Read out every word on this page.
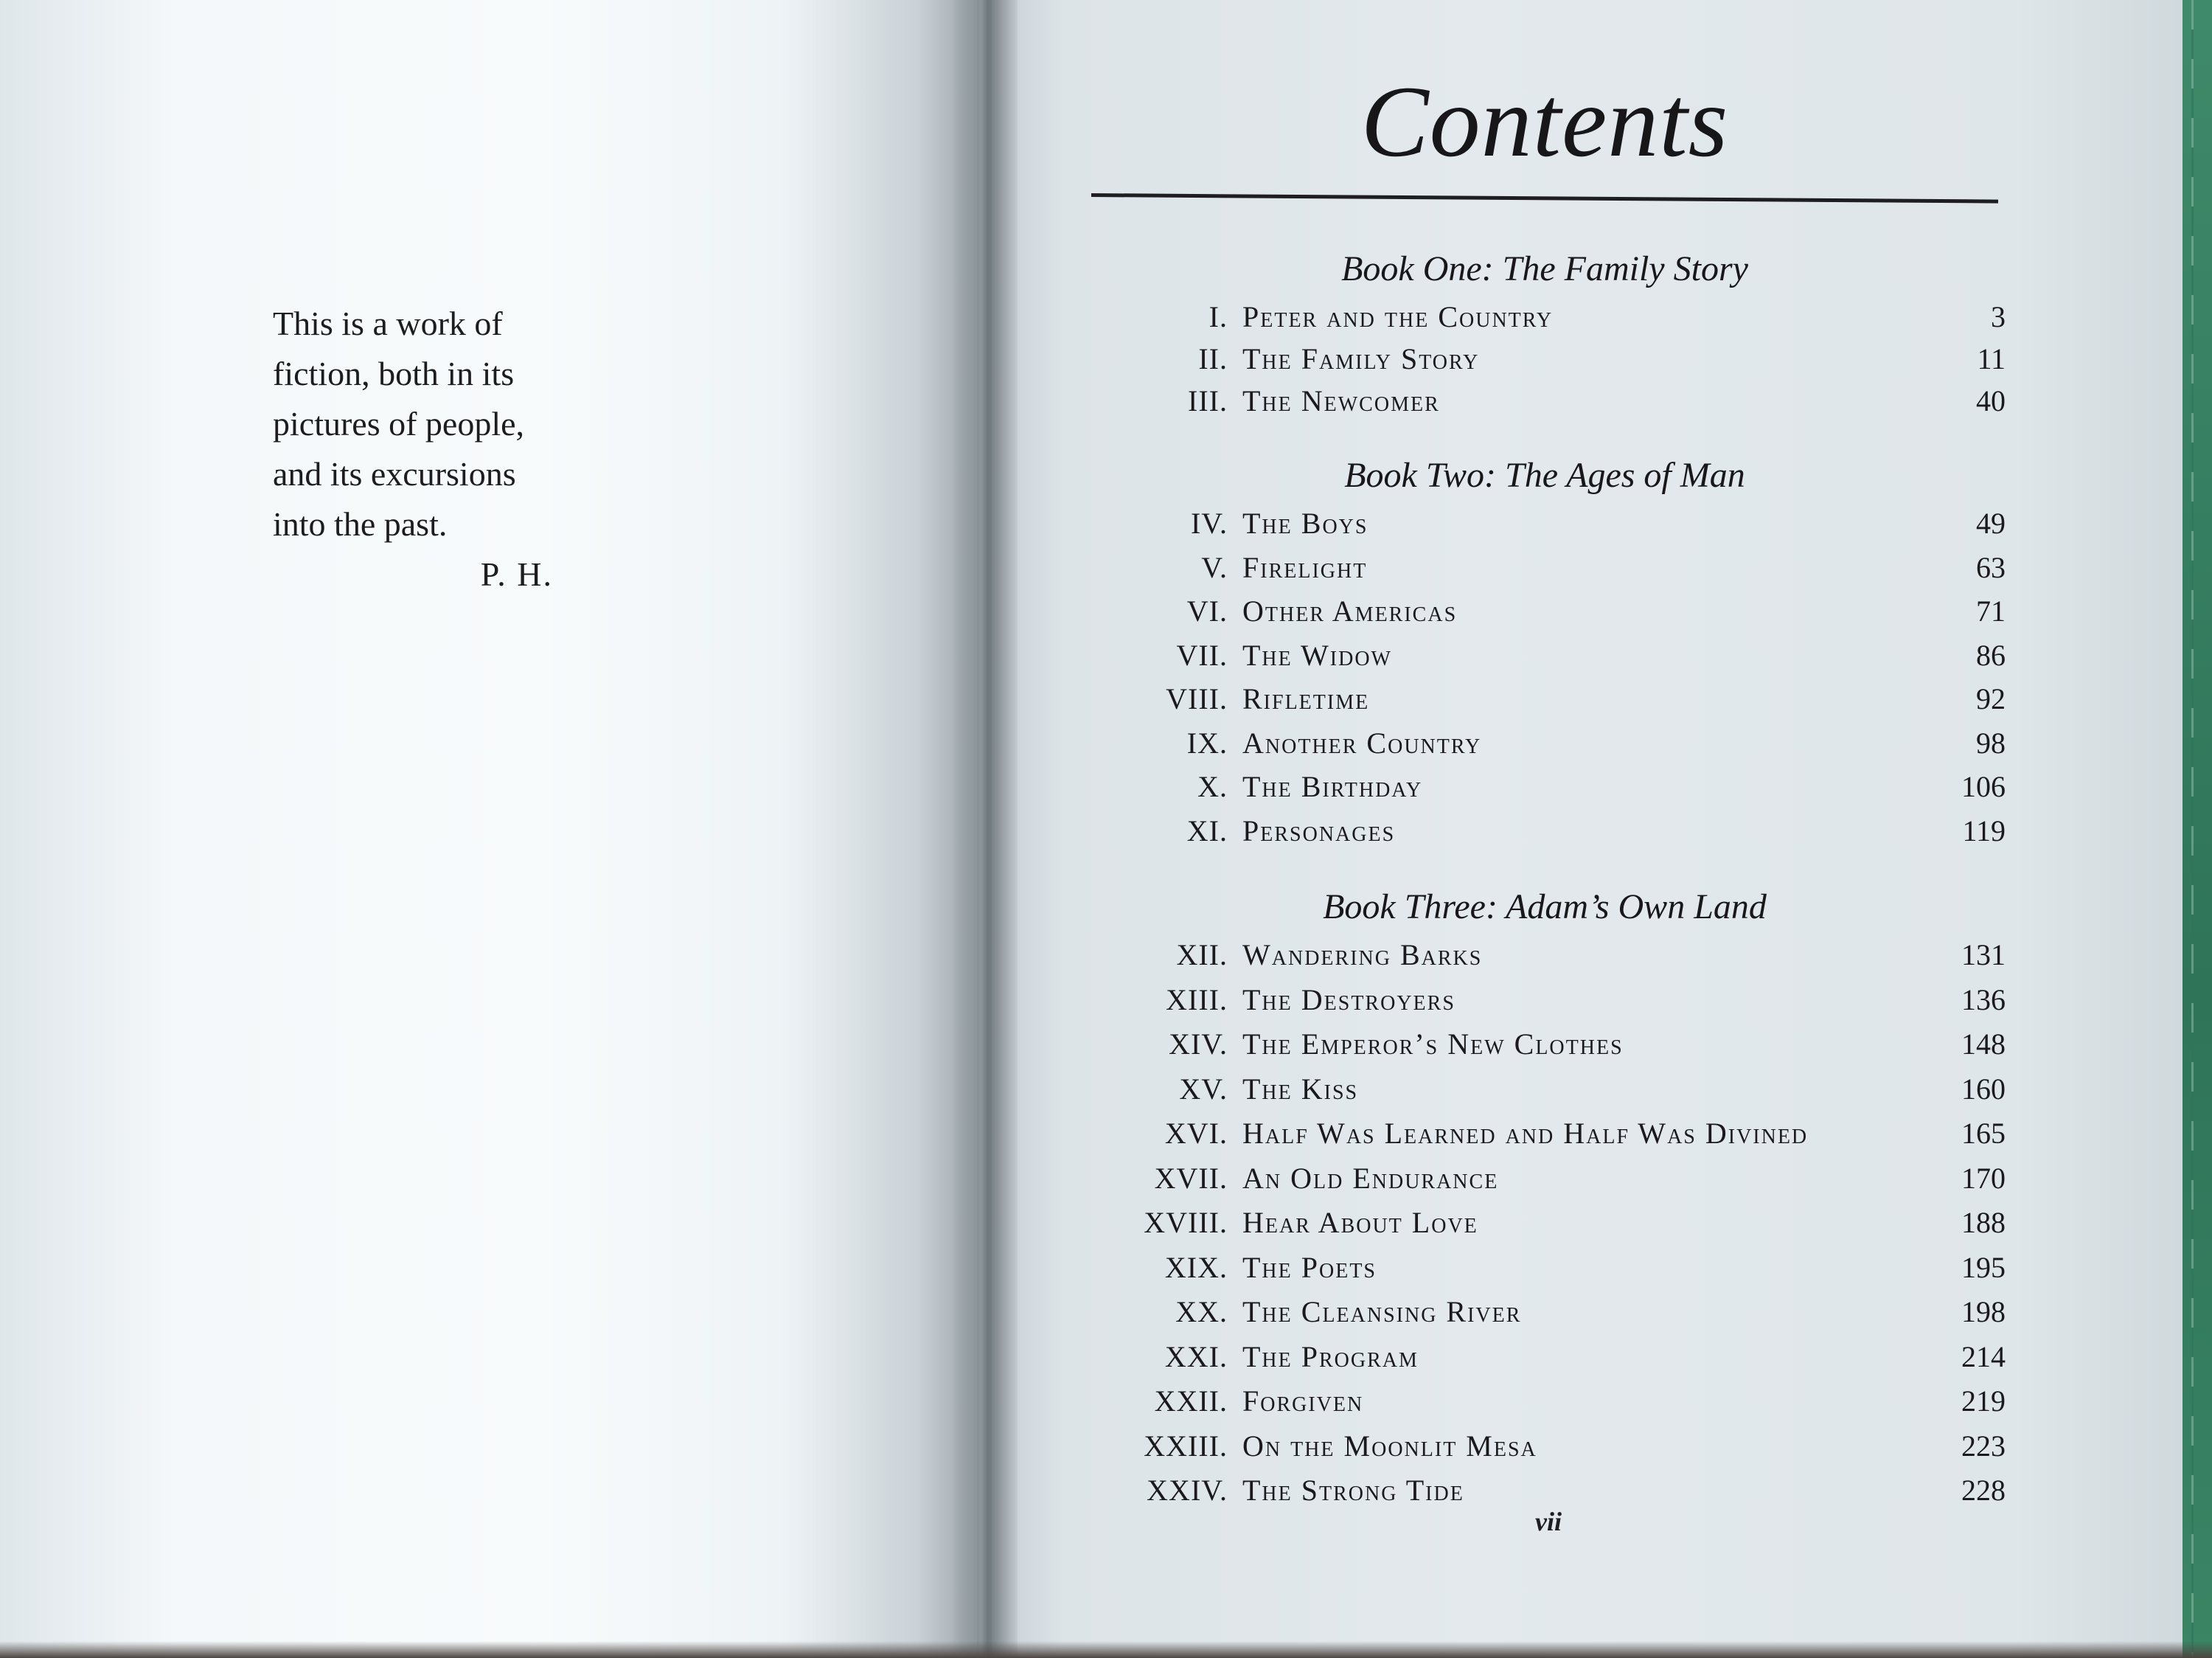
This is a work of

fiction, both in its

pictures of people,

and its excursions

into the past.

P. H.

Contents
Book One: The Family Story
I. Peter and the Country	3
II. The Family Story	11
III. The Newcomer	40
Book Two: The Ages of Man
IV. The Boys	49
V. Firelight	63
VI. Other Americas	71
VII. The Widow	86
VIII. Rifletime	92
IX. Another Country	98
X. The Birthday	106
XI. Personages	119
Book Three: Adam’s Own Land
XII. Wandering Barks	131
XIII. The Destroyers	136
XIV. The Emperor’s New Clothes	148
XV. The Kiss	160
XVI. Half Was Learned and Half Was Divined	165
XVII. An Old Endurance	170
XVIII. Hear About Love	188
XIX. The Poets	195
XX. The Cleansing River	198
XXI. The Program	214
XXII. Forgiven	219
XXIII. On the Moonlit Mesa	223
XXIV. The Strong Tide	228
vii
